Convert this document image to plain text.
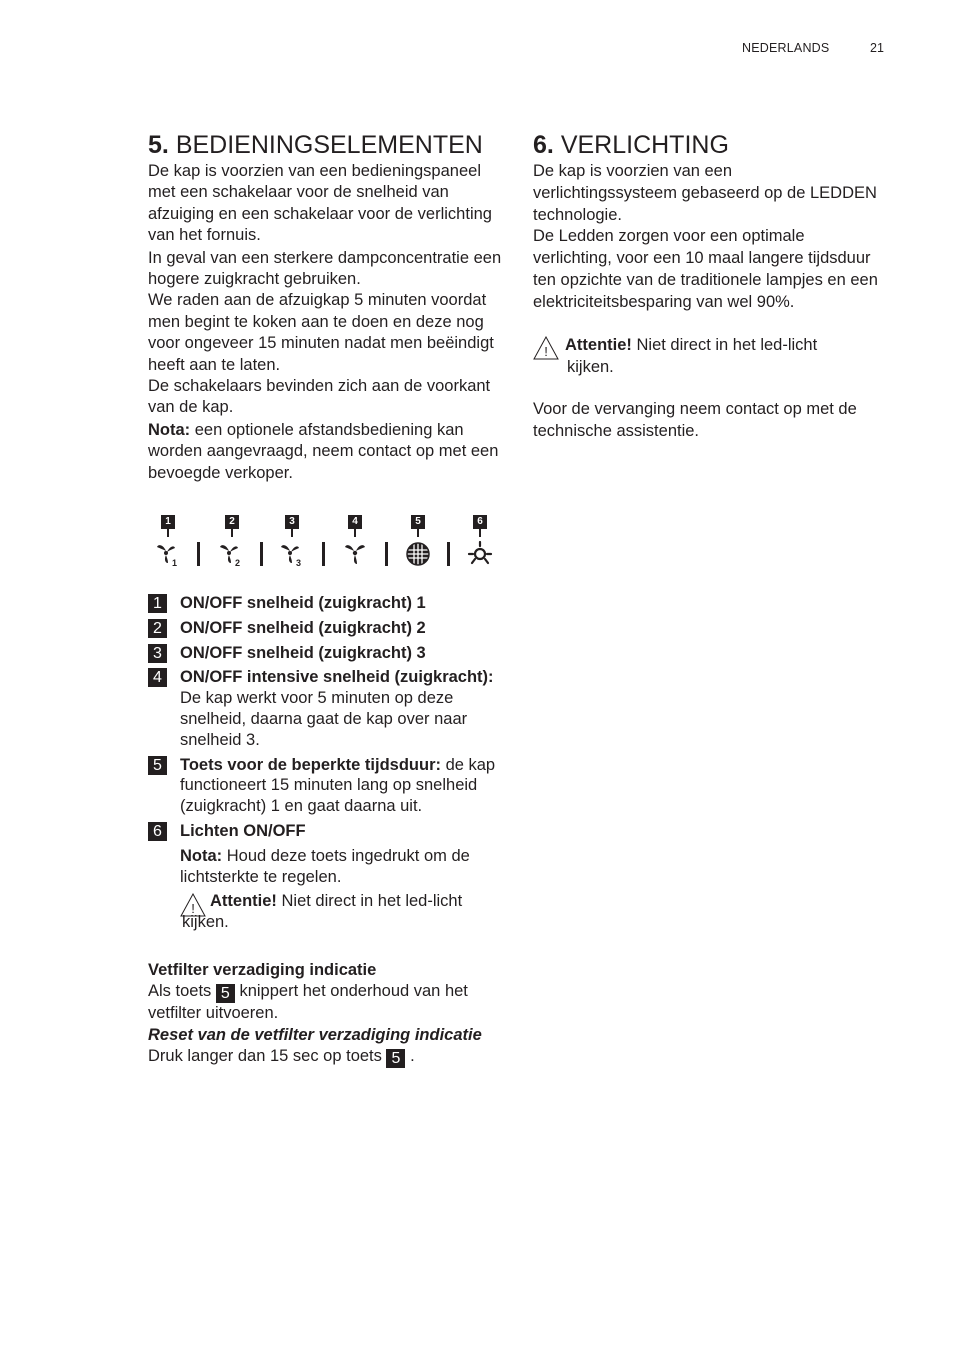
NEDERLANDS	21
5. BEDIENINGSELEMENTEN

De kap is voorzien van een bedieningspaneel met een schakelaar voor de snelheid van afzuiging en een schakelaar voor de verlichting van het fornuis.

In geval van een sterkere dampconcentratie een hogere zuigkracht gebruiken.

We raden aan de afzuigkap 5 minuten voordat men begint te koken aan te doen en deze nog voor ongeveer 15 minuten nadat men beëindigt heeft aan te laten.

De schakelaars bevinden zich aan de voorkant van de kap.

Nota: een optionele afstandsbediening kan worden aangevraagd, neem contact op met een bevoegde verkoper.

1	2	3	4	5	6
1	2	3
1	ON/OFF snelheid (zuigkracht) 1
2	ON/OFF snelheid (zuigkracht) 2
3	ON/OFF snelheid (zuigkracht) 3
4	ON/OFF intensive snelheid (zuigkracht): De kap werkt voor 5 minuten op deze snelheid, daarna gaat de kap over naar snelheid 3.
5	Toets voor de beperkte tijdsduur: de kap functioneert 15 minuten lang op snelheid (zuigkracht) 1 en gaat daarna uit.
6	Lichten ON/OFF

Nota: Houd deze toets ingedrukt om de lichtsterkte te regelen.

! Attentie! Niet direct in het led-licht

kijken.

Vetfilter verzadiging indicatie

Als toets 5 knippert het onderhoud van het vetfilter uitvoeren.

Reset van de vetfilter verzadiging indicatie

Druk langer dan 15 sec op toets 5 .

6. VERLICHTING

De kap is voorzien van een verlichtingssysteem gebaseerd op de LEDDEN technologie.

De Ledden zorgen voor een optimale verlichting, voor een 10 maal langere tijdsduur ten opzichte van de traditionele lampjes en een elektriciteitsbesparing van wel 90%.

!	Attentie! Niet direct in het led-licht

kijken.

Voor de vervanging neem contact op met de technische assistentie.
